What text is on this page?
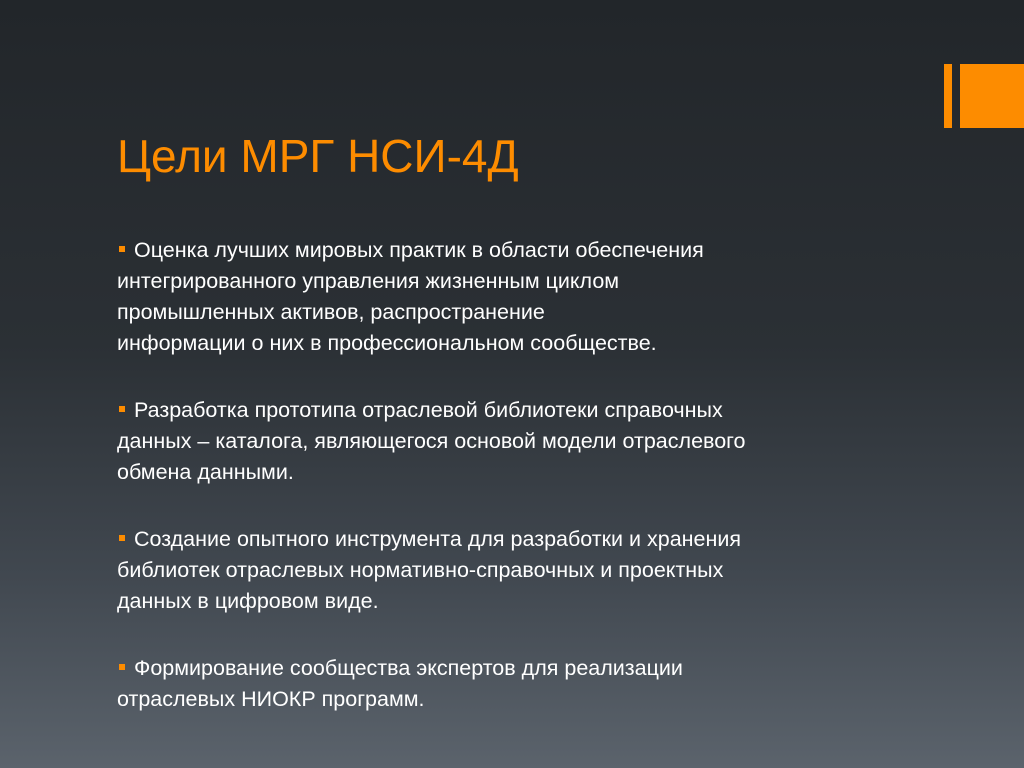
Цели МРГ НСИ-4Д
Оценка лучших мировых практик в области обеспечения
интегрированного управления жизненным циклом
промышленных активов, распространение
информации о них в профессиональном сообществе.
Разработка прототипа отраслевой библиотеки справочных
данных – каталога, являющегося основой модели отраслевого
обмена данными.
Создание опытного инструмента для разработки и хранения
библиотек отраслевых нормативно-справочных и проектных
данных в цифровом виде.
Формирование сообщества экспертов для реализации
отраслевых НИОКР программ.
